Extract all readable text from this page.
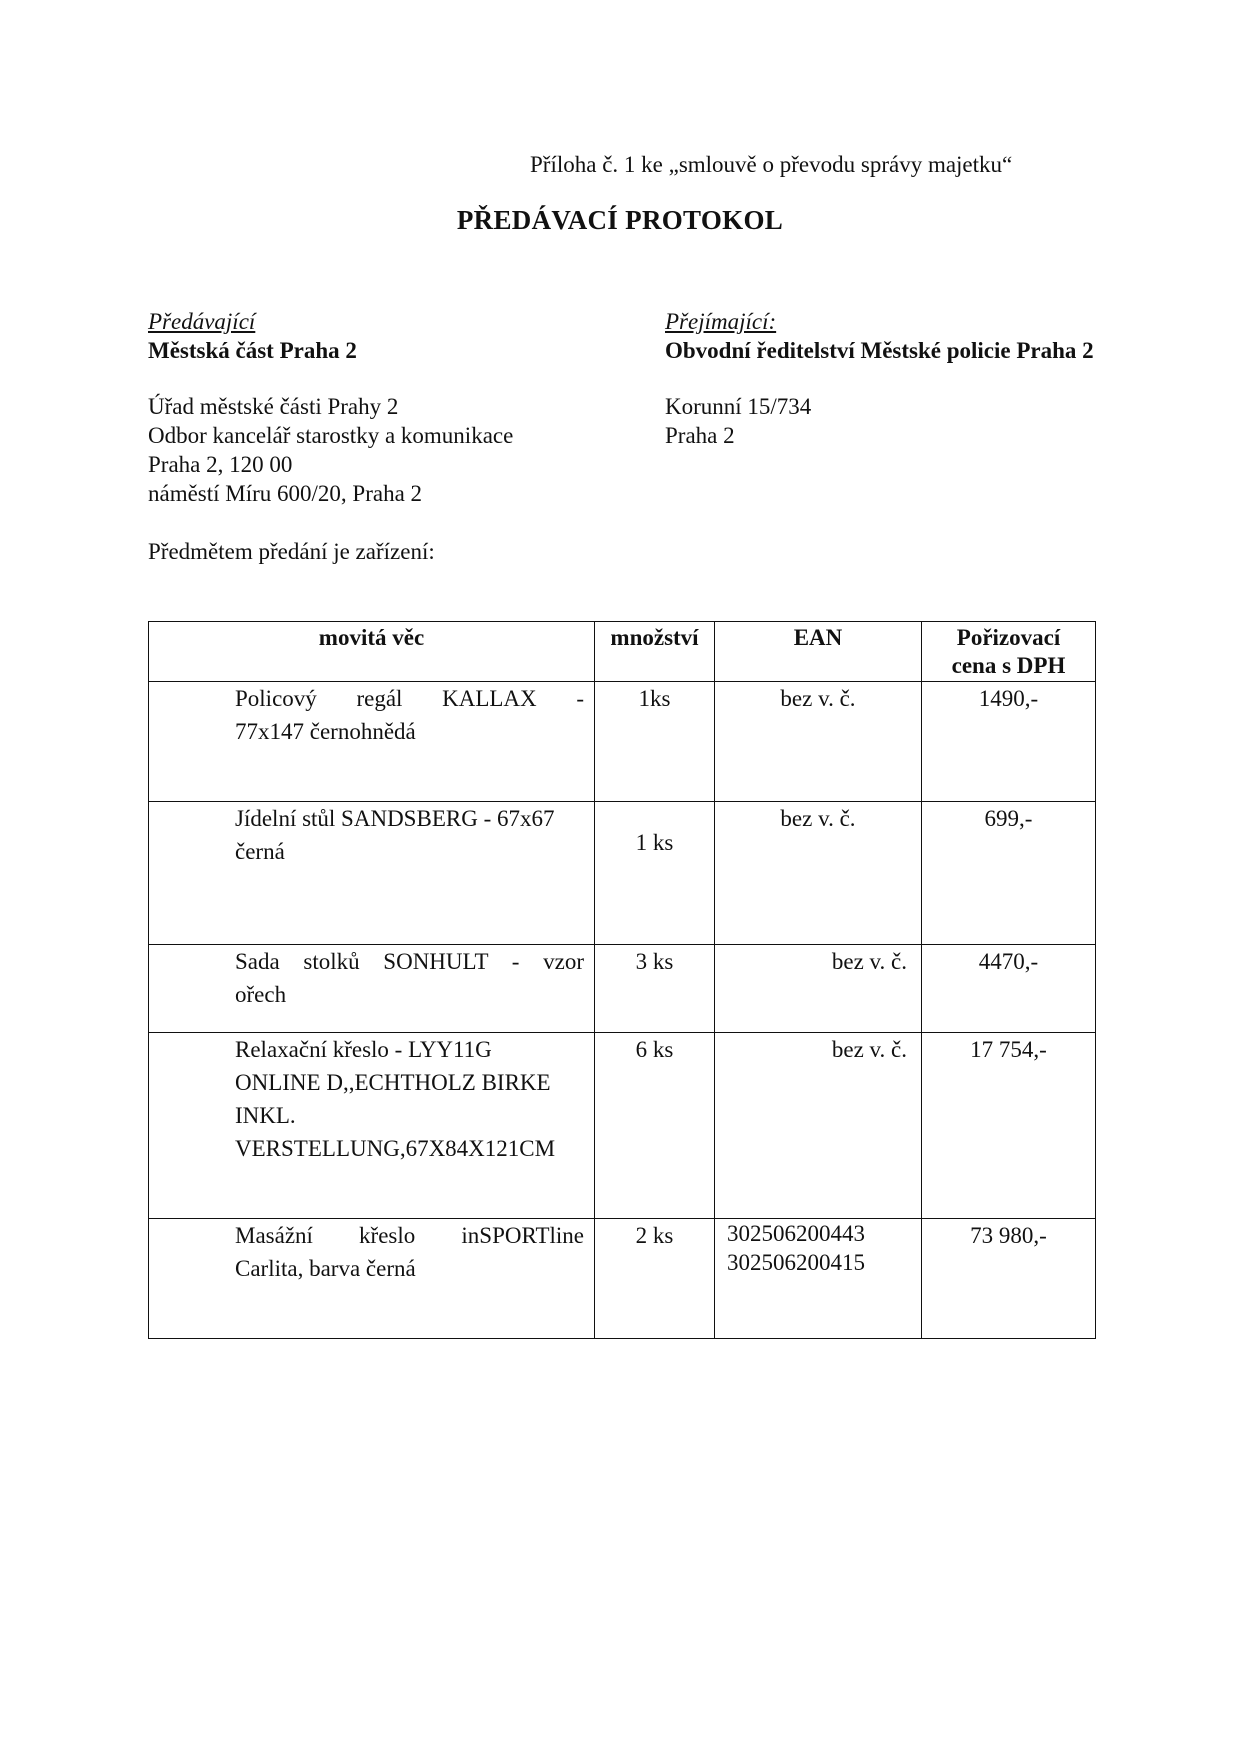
Příloha č. 1 ke „smlouvě o převodu správy majetku“
PŘEDÁVACÍ PROTOKOL
Předávající
Městská část Praha 2
Přejímající:
Obvodní ředitelství Městské policie Praha 2
Úřad městské části Prahy 2
Odbor kancelář starostky a komunikace
Praha 2, 120 00
náměstí Míru 600/20, Praha 2
Korunní 15/734
Praha 2
Předmětem předání je zařízení:
movitá věc	množství	EAN	Pořizovací
cena s DPH

Policový regál KALLAX -
77x147 černohnědá	1ks	bez v. č.	1490,-

Jídelní stůl SANDSBERG - 67x67
černá	1 ks	bez v. č.	699,-

Sada stolků SONHULT - vzor
ořech	3 ks	bez v. č.	4470,-

Relaxační křeslo - LYY11G
ONLINE D,,ECHTHOLZ BIRKE
INKL.
VERSTELLUNG,67X84X121CM	6 ks	bez v. č.	17 754,-

Masážní křeslo inSPORTline
Carlita, barva černá	2 ks	302506200443
302506200415	73 980,-
